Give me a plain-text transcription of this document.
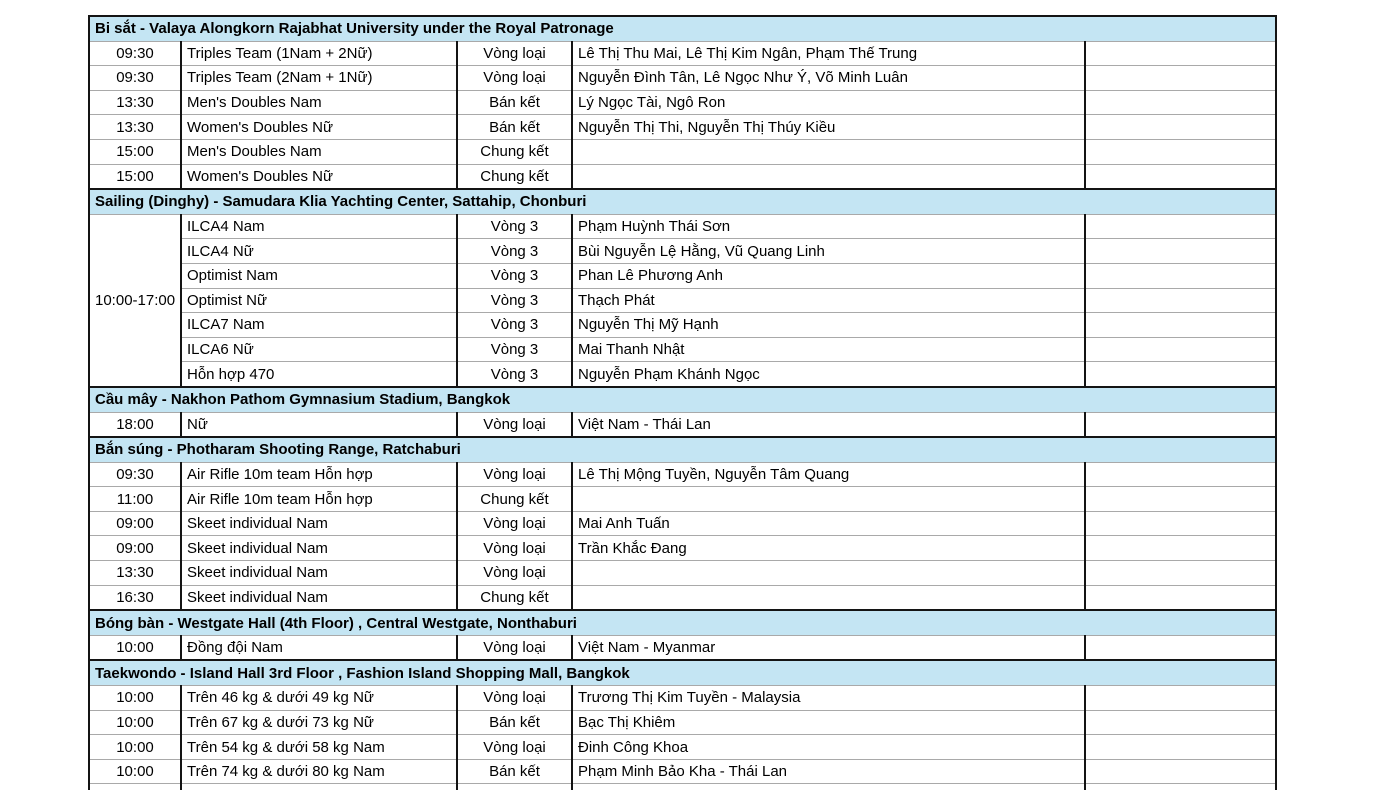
Bi sắt - Valaya Alongkorn Rajabhat University under the Royal Patronage				
09:30	Triples Team (1Nam + 2Nữ)	Vòng loại	Lê Thị Thu Mai, Lê Thị Kim Ngân, Phạm Thế Trung	
09:30	Triples Team (2Nam + 1Nữ)	Vòng loại	Nguyễn Đình Tân, Lê Ngọc Như Ý, Võ Minh Luân	
13:30	Men's Doubles Nam	Bán kết	Lý Ngọc Tài, Ngô Ron	
13:30	Women's Doubles Nữ	Bán kết	Nguyễn Thị Thi, Nguyễn Thị Thúy Kiều	
15:00	Men's Doubles Nam	Chung kết		
15:00	Women's Doubles Nữ	Chung kết		
Sailing (Dinghy) - Samudara Klia Yachting Center, Sattahip, Chonburi				
10:00-17:00	ILCA4 Nam	Vòng 3	Phạm Huỳnh Thái Sơn	
	ILCA4 Nữ	Vòng 3	Bùi Nguyễn Lệ Hằng, Vũ Quang Linh	
	Optimist Nam	Vòng 3	Phan Lê Phương Anh	
	Optimist Nữ	Vòng 3	Thạch Phát	
	ILCA7 Nam	Vòng 3	Nguyễn Thị Mỹ Hạnh	
	ILCA6 Nữ	Vòng 3	Mai Thanh Nhật	
	Hỗn hợp 470	Vòng 3	Nguyễn Phạm Khánh Ngọc	
Cầu mây - Nakhon Pathom Gymnasium Stadium, Bangkok				
18:00	Nữ	Vòng loại	Việt Nam - Thái Lan	
Bắn súng - Photharam Shooting Range, Ratchaburi				
09:30	Air Rifle 10m team Hỗn hợp	Vòng loại	Lê Thị Mộng Tuyền, Nguyễn Tâm Quang	
11:00	Air Rifle 10m team Hỗn hợp	Chung kết		
09:00	Skeet individual Nam	Vòng loại	Mai Anh Tuấn	
09:00	Skeet individual Nam	Vòng loại	Trần Khắc Đang	
13:30	Skeet individual Nam	Vòng loại		
16:30	Skeet individual Nam	Chung kết		
Bóng bàn - Westgate Hall (4th Floor) , Central Westgate, Nonthaburi				
10:00	Đồng đội Nam	Vòng loại	Việt Nam - Myanmar	
Taekwondo - Island Hall 3rd Floor , Fashion Island Shopping Mall, Bangkok				
10:00	Trên 46 kg & dưới 49 kg Nữ	Vòng loại	Trương Thị Kim Tuyền - Malaysia	
10:00	Trên 67 kg & dưới 73 kg Nữ	Bán kết	Bạc Thị Khiêm	
10:00	Trên 54 kg & dưới 58 kg Nam	Vòng loại	Đinh Công Khoa	
10:00	Trên 74 kg & dưới 80 kg Nam	Bán kết	Phạm Minh Bảo Kha - Thái Lan	
